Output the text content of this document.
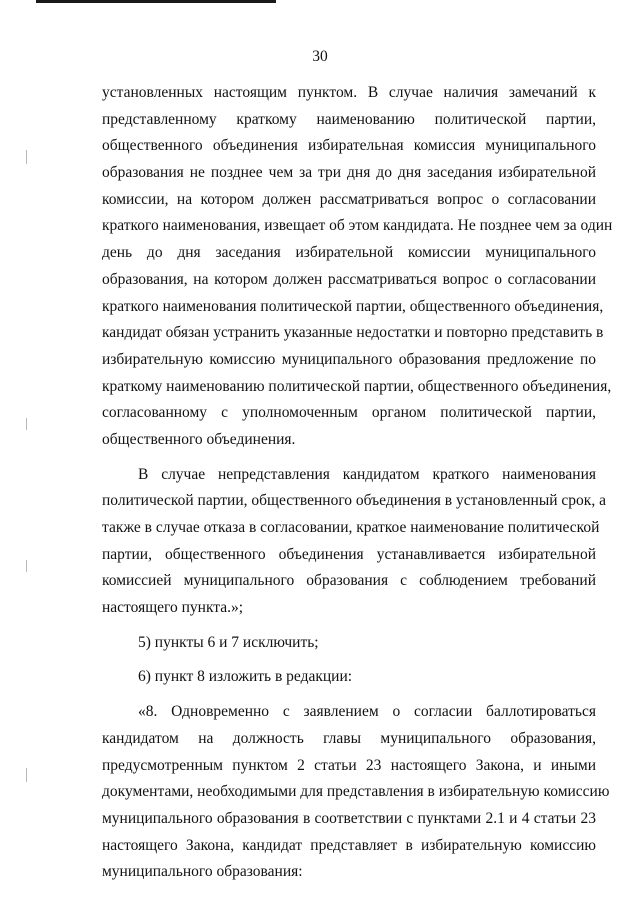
30
установленных настоящим пунктом. В случае наличия замечаний к
представленному краткому наименованию политической партии,
общественного объединения избирательная комиссия муниципального
образования не позднее чем за три дня до дня заседания избирательной
комиссии, на котором должен рассматриваться вопрос о согласовании
краткого наименования, извещает об этом кандидата. Не позднее чем за один
день до дня заседания избирательной комиссии муниципального
образования, на котором должен рассматриваться вопрос о согласовании
краткого наименования политической партии, общественного объединения,
кандидат обязан устранить указанные недостатки и повторно представить в
избирательную комиссию муниципального образования предложение по
краткому наименованию политической партии, общественного объединения,
согласованному с уполномоченным органом политической партии,
общественного объединения.
В случае непредставления кандидатом краткого наименования
политической партии, общественного объединения в установленный срок, а
также в случае отказа в согласовании, краткое наименование политической
партии, общественного объединения устанавливается избирательной
комиссией муниципального образования с соблюдением требований
настоящего пункта.»;
5) пункты 6 и 7 исключить;
6) пункт 8 изложить в редакции:
«8. Одновременно с заявлением о согласии баллотироваться
кандидатом на должность главы муниципального образования,
предусмотренным пунктом 2 статьи 23 настоящего Закона, и иными
документами, необходимыми для представления в избирательную комиссию
муниципального образования в соответствии с пунктами 2.1 и 4 статьи 23
настоящего Закона, кандидат представляет в избирательную комиссию
муниципального образования:
